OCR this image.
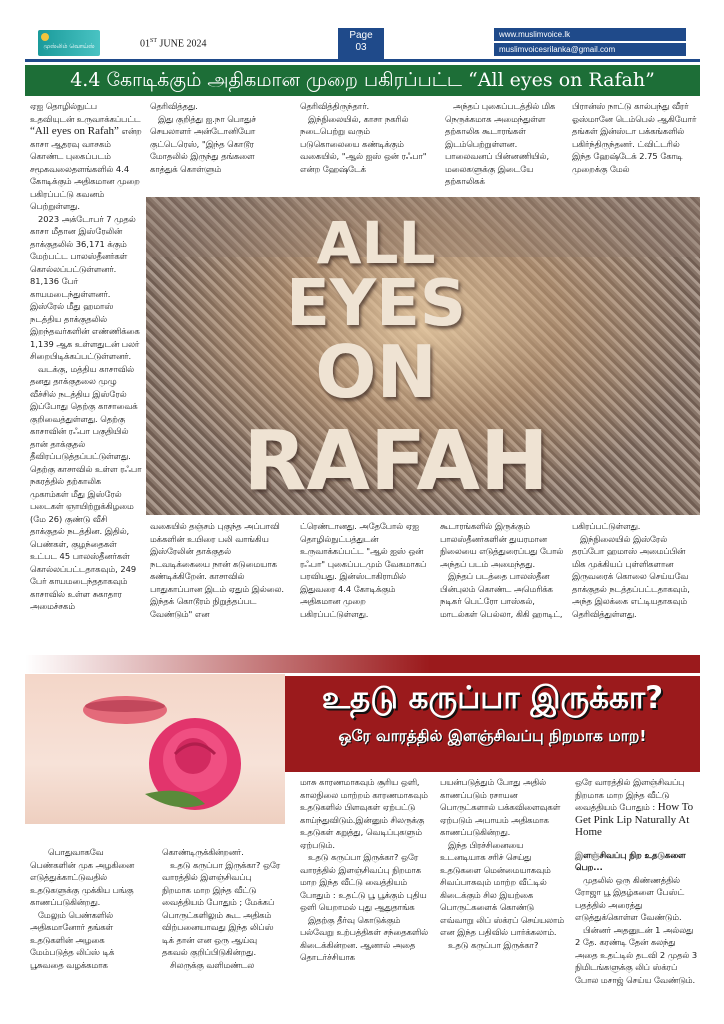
முஸ்லிம் வொய்ஸ்	01ST JUNE 2024
Page
03
www.muslimvoice.lk
muslimvoicesrilanka@gmail.com
4.4 கோடிக்கும் அதிகமான முறை பகிரப்பட்ட “All eyes on Rafah”

ஏஐ தொழில்நுட்ப உதவியுடன் உருவாக்கப்பட்ட “All eyes on Rafah” என்ற காசா ஆதரவு வாசகம் கொண்ட புகைப்படம் சமூகவலைதளங்களில் 4.4 கோடிக்கும் அதிகமான முறை பகிரப்பட்டு கவனம் பெற்றுள்ளது.

2023 அக்டோபர் 7 முதல் காசா மீதான இஸ்ரேலின் தாக்குதலில் 36,171 க்கும் மேற்பட்ட பாலஸ்தீனர்கள் கொல்லப்பட்டுள்ளனர். 81,136 பேர் காயமடைந்துள்ளனர். இஸ்ரேல் மீது ஹமாஸ் நடத்திய தாக்குதலில் இறந்தவர்களின் எண்ணிக்கை 1,139 ஆக உள்ளதுடன் பலர் சிறைபிடிக்கப்பட்டுள்ளனர்.

வடக்கு, மத்திய காசாவில் தனது தாக்குதலை முழு வீச்சில் நடத்திய இஸ்ரேல் இப்போது தெற்கு காசாவைக் குறிவைத்துள்ளது. தெற்கு காசாவின் ரஃபா பகுதியில் தான் தாக்குதல் தீவிரப்படுத்தப்பட்டுள்ளது. தெற்கு காசாவில் உள்ள ரஃபா நகரத்தில் தற்காலிக முகாம்கள் மீது இஸ்ரேல் படைகள் ஞாயிற்றுக்கிழமை (மே 26) குண்டு வீசி தாக்குதல் நடத்தின. இதில், பெண்கள், குழந்தைகள் உட்பட 45 பாலஸ்தீனர்கள் கொல்லப்பட்டதாகவும், 249 பேர் காயமடைந்ததாகவும் காசாவில் உள்ள சுகாதார அமைச்சகம்

தெரிவித்தது.

இது குறித்து ஐ.நா பொதுச் செயலாளர் அன்டோனியோ குட்டெரெஸ், "இந்த கொடூர மோதலில் இருந்து தங்களை காத்துக் கொள்ளும்

தெரிவித்திருந்தார்.

இந்நிலையில், காசா நகரில் நடைபெற்று வரும் படுகொலையை கண்டிக்கும் வகையில், "ஆல் ஐஸ் ஒன் ரஃபா" என்ற ஹேஷ்டேக்

அந்தப் புகைப்படத்தில் மிக நெருக்கமாக அமைந்துள்ள தற்காலிக கூடாரங்கள் இடம்பெற்றுள்ளன. பாலைவனப் பின்னணியில், மலைகளுக்கு இடையே தற்காலிகக்

பிரான்ஸ் நாட்டு கால்பந்து வீரர் ஓஸ்மானே டெம்பெல் ஆகியோர் தங்கள் இன்ஸ்டா பக்கங்களில் பகிர்ந்திருந்தனர். ட்விட்டரில் இந்த ஹேஷ்டேக் 2.75 கோடி முறைக்கு மேல்

ALL
EYES
ON
RAFAH

வகையில் தஞ்சம் புகுந்த அப்பாவி மக்களின் உயிரை பலி வாங்கிய இஸ்ரேலின் தாக்குதல் நடவடிக்கையை நான் கடுமையாக கண்டிக்கிறேன். காசாவில் பாதுகாப்பான இடம் ஏதும் இல்லை. இந்தக் கொடூரம் நிறுத்தப்பட வேண்டும்" என

ட்ரெண்டானது. அதேபோல் ஏஐ தொழில்நுட்பத்துடன் உருவாக்கப்பட்ட "ஆல் ஐஸ் ஒன் ரஃபா" புகைப்படமும் வேகமாகப் பரவியது. இன்ஸ்டாகிராமில் இதுவரை 4.4 கோடிக்கும் அதிகமான முறை பகிரப்பட்டுள்ளது.

கூடாரங்களில் இருக்கும் பாலஸ்தீனர்களின் துயரமான நிலையை எடுத்துரைப்பது போல் அந்தப் படம் அமைந்தது.

இந்தப் படத்தை பாலஸ்தீன பின்புலம் கொண்ட அமெரிக்க நடிகர் பெட்ரோ பாஸ்கல், மாடல்கள் பெல்லா, கிகி ஹாடிட்,

பகிரப்பட்டுள்ளது.

இந்நிலையில் இஸ்ரேல் தரப்போ ஹமாஸ் அமைப்பின் மிக முக்கியப் புள்ளிகளான இருவரைக் கொலை செய்யவே தாக்குதல் நடத்தப்பட்டதாகவும், அந்த இலக்கை எட்டியதாகவும் தெரிவித்துள்ளது.

உதடு கருப்பா இருக்கா?
ஒரே வாரத்தில் இளஞ்சிவப்பு நிறமாக மாற!

பொதுவாகவே பெண்களின் முக அழகினை எடுத்துக்காட்டுவதில் உதடுகளுக்கு முக்கிய பங்கு காணப்படுகின்றது.

மேலும் பெண்களில் அதிகமானோர் தங்கள் உதடுகளின் அழகை மேம்படுத்த லிப்ஸ் டிக் பூசுவதை வழக்கமாக

கொண்டிருக்கின்றனர்.

உதடு கருப்பா இருக்கா? ஒரே வாரத்தில் இளஞ்சிவப்பு நிறமாக மாற இந்த வீட்டு வைத்தியம் போதும் ; மேக்கப் பொருட்களிலும் கூட அதிகம் விற்பனையாவது இந்த லிப்ஸ் டிக் தான் என ஒரு ஆய்வு தகவல் குறிப்பிடுகின்றது.

சிலருக்கு வளிமண்டல

மாசு காரணமாகவும் சூரிய ஒளி, காலநிலை மாற்றம் காரணமாகவும் உதடுகளில் பிளவுகள் ஏற்பட்டு காய்ந்துவிடும்.இன்னும் சிலருக்கு உதடுகள் கறுத்து, வெடிப்புகளும் ஏற்படும்.

உதடு கருப்பா இருக்கா? ஒரே வாரத்தில் இளஞ்சிவப்பு நிறமாக மாற இந்த வீட்டு வைத்தியம் போதும் : உதட்டு பூ பூக்கும் புதிய ஒளி யெறாமல் புது ஆதுதாங்க

இதற்கு தீர்வு கொடுக்கும் பல்வேறு உற்பத்திகள் சந்தைகளில் கிடைக்கின்றன. ஆனால் அதை தொடர்ச்சியாக

பயன்படுத்தும் போது அதில் காணப்படும் ரசாயன பொருட்களால் பக்கவிளைவுகள் ஏற்படும் அபாயம் அதிகமாக காணப்படுகின்றது.

இந்த பிரச்சினையை உடனடியாக சரிச் செய்து உதடுகளை மென்மையாகவும் சிவப்பாகவும் மாற்ற வீட்டில் கிடைக்கும் சில இயற்கை பொருட்களைக் கொண்டு எவ்வாறு லிப் ஸ்க்ரப் செய்யலாம் என இந்த பதிவில் பார்க்கலாம்.

உதடு கருப்பா இருக்கா?

ஒரே வாரத்தில் இளஞ்சிவப்பு நிறமாக மாற இந்த வீட்டு வைத்தியம் போதும் : How To Get Pink Lip Naturally At Home

இளஞ்சிவப்பு நிற உதடுகளை பெற...

முதலில் ஒரு கிண்ணத்தில் ரோஜா பூ இதழ்களை பேஸ்ட் பதத்தில் அரைத்து எடுத்துக்கொள்ள வேண்டும்.

பின்னர் அதனுடன் 1 அல்லது 2 தே. கரண்டி தேன் கலந்து அதை உதட்டில் தடவி 2 முதல் 3 நிமிடங்களுக்கு லிப் ஸ்க்ரப் போல மசாஜ் செய்ய வேண்டும்.
